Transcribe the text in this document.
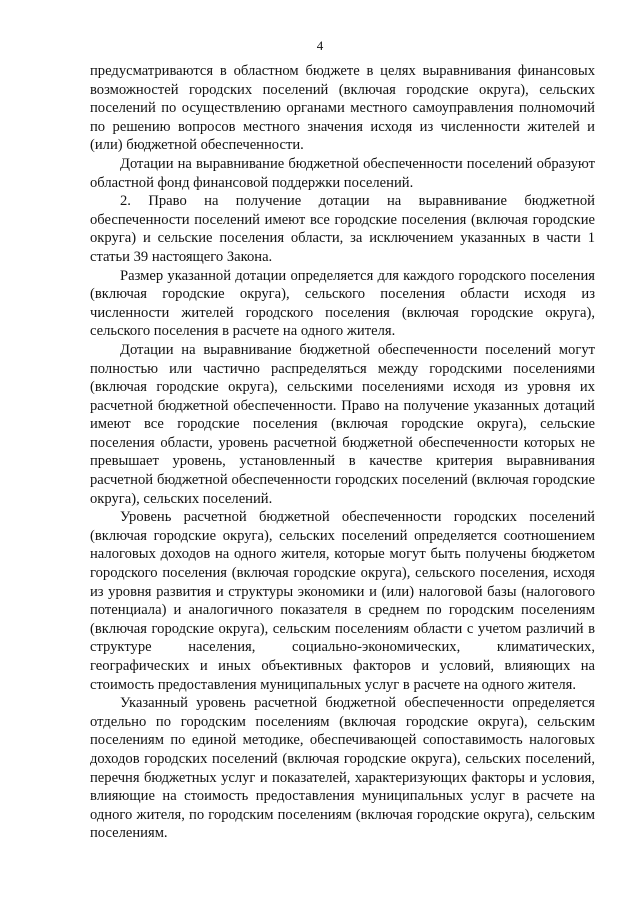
4

предусматриваются в областном бюджете в целях выравнивания финансовых возможностей городских поселений (включая городские округа), сельских поселений по осуществлению органами местного самоуправления полномочий по решению вопросов местного значения исходя из численности жителей и (или) бюджетной обеспеченности.

Дотации на выравнивание бюджетной обеспеченности поселений образуют областной фонд финансовой поддержки поселений.

2. Право на получение дотации на выравнивание бюджетной обеспеченности поселений имеют все городские поселения (включая городские округа) и сельские поселения области, за исключением указанных в части 1 статьи 39 настоящего Закона.

Размер указанной дотации определяется для каждого городского поселения (включая городские округа), сельского поселения области исходя из численности жителей городского поселения (включая городские округа), сельского поселения в расчете на одного жителя.

Дотации на выравнивание бюджетной обеспеченности поселений могут полностью или частично распределяться между городскими поселениями (включая городские округа), сельскими поселениями исходя из уровня их расчетной бюджетной обеспеченности. Право на получение указанных дотаций имеют все городские поселения (включая городские округа), сельские поселения области, уровень расчетной бюджетной обеспеченности которых не превышает уровень, установленный в качестве критерия выравнивания расчетной бюджетной обеспеченности городских поселений (включая городские округа), сельских поселений.

Уровень расчетной бюджетной обеспеченности городских поселений (включая городские округа), сельских поселений определяется соотношением налоговых доходов на одного жителя, которые могут быть получены бюджетом городского поселения (включая городские округа), сельского поселения, исходя из уровня развития и структуры экономики и (или) налоговой базы (налогового потенциала) и аналогичного показателя в среднем по городским поселениям (включая городские округа), сельским поселениям области с учетом различий в структуре населения, социально-экономических, климатических, географических и иных объективных факторов и условий, влияющих на стоимость предоставления муниципальных услуг в расчете на одного жителя.

Указанный уровень расчетной бюджетной обеспеченности определяется отдельно по городским поселениям (включая городские округа), сельским поселениям по единой методике, обеспечивающей сопоставимость налоговых доходов городских поселений (включая городские округа), сельских поселений, перечня бюджетных услуг и показателей, характеризующих факторы и условия, влияющие на стоимость предоставления муниципальных услуг в расчете на одного жителя, по городским поселениям (включая городские округа), сельским поселениям.
